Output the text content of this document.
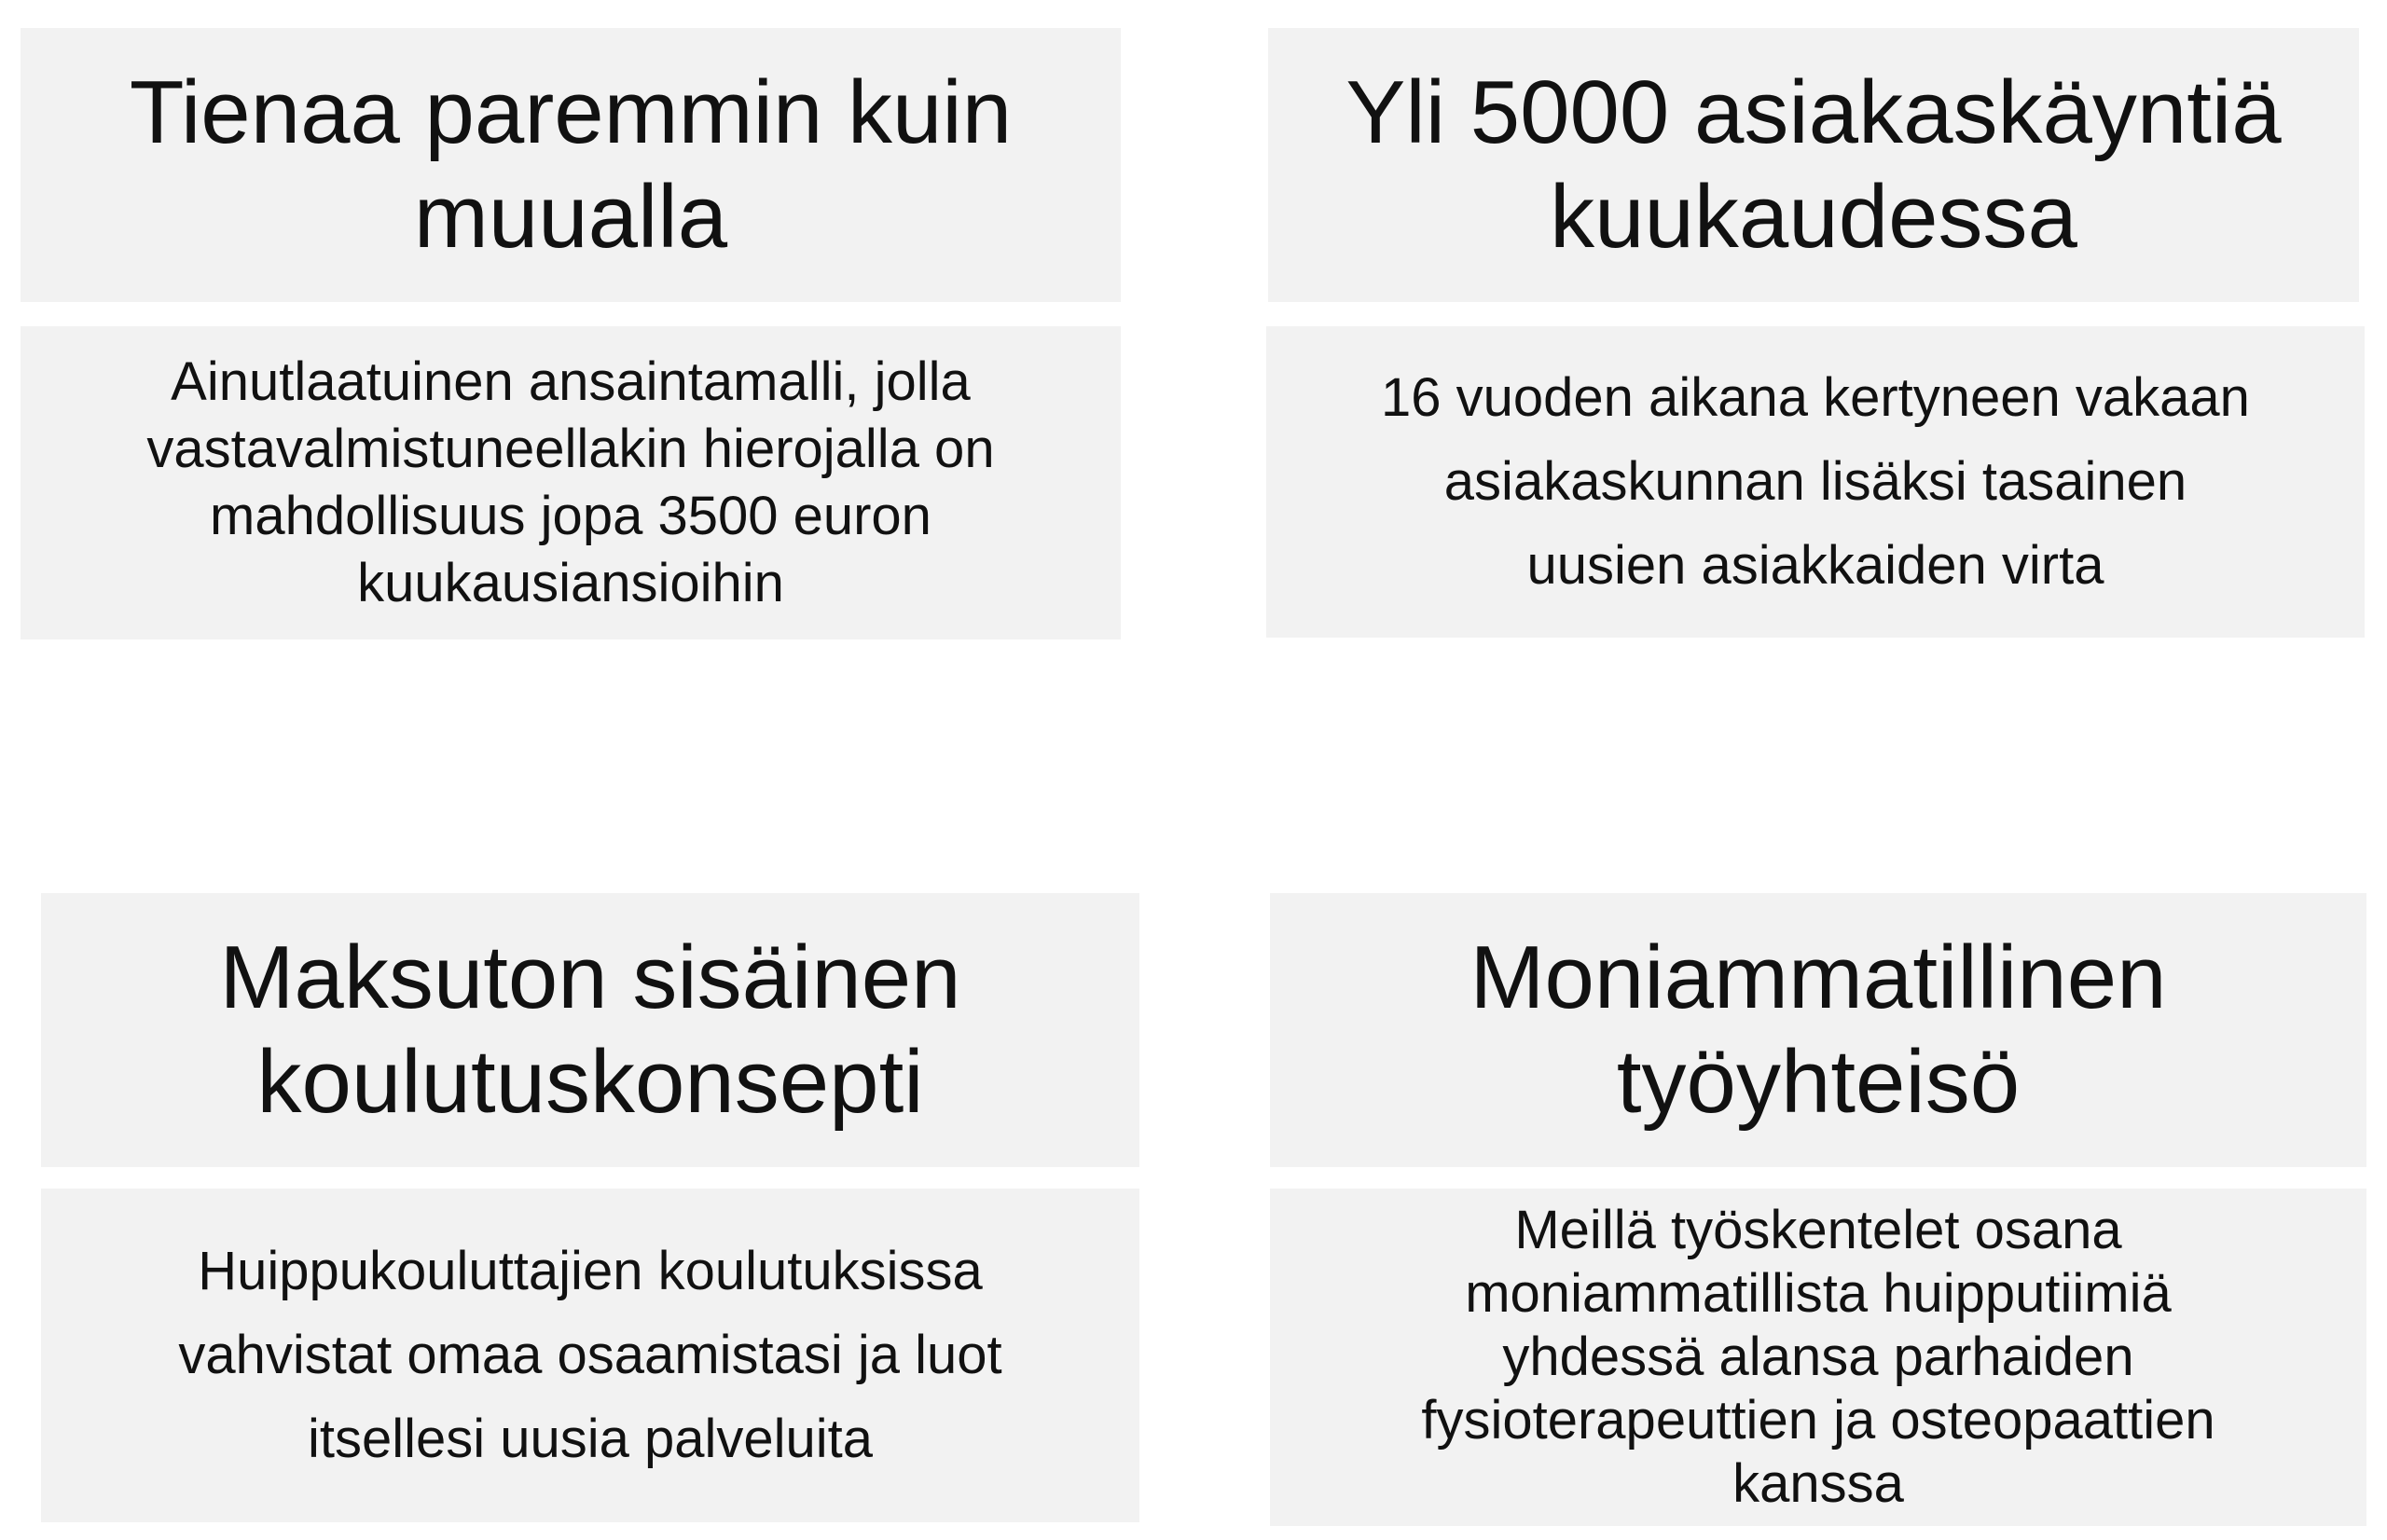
Tienaa paremmin kuin
muualla
Ainutlaatuinen ansaintamalli, jolla
vastavalmistuneellakin hierojalla on
mahdollisuus jopa 3500 euron
kuukausiansioihin
Yli 5000 asiakaskäyntiä
kuukaudessa
16 vuoden aikana kertyneen vakaan
asiakaskunnan lisäksi tasainen
uusien asiakkaiden virta
Maksuton sisäinen
koulutuskonsepti
Huippukouluttajien koulutuksissa
vahvistat omaa osaamistasi ja luot
itsellesi uusia palveluita
Moniammatillinen
työyhteisö
Meillä työskentelet osana
moniammatillista huipputiimiä
yhdessä alansa parhaiden
fysioterapeuttien ja osteopaattien
kanssa
